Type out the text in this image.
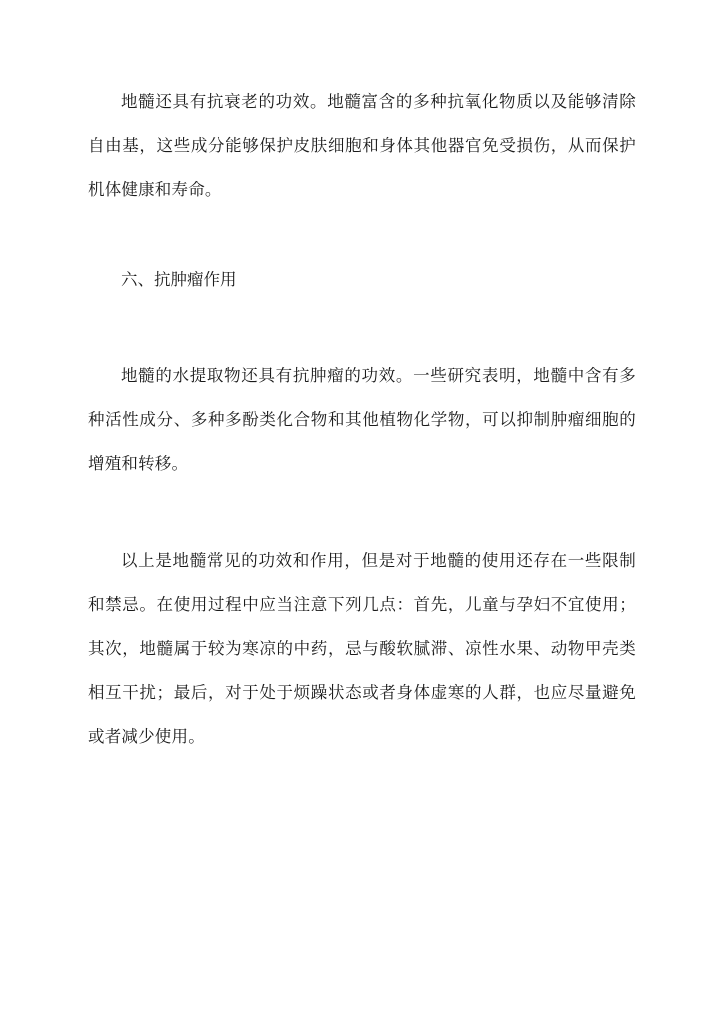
地髓还具有抗衰老的功效。地髓富含的多种抗氧化物质以及能够清除自由基，这些成分能够保护皮肤细胞和身体其他器官免受损伤，从而保护机体健康和寿命。

六、抗肿瘤作用

地髓的水提取物还具有抗肿瘤的功效。一些研究表明，地髓中含有多种活性成分、多种多酚类化合物和其他植物化学物，可以抑制肿瘤细胞的增殖和转移。

以上是地髓常见的功效和作用，但是对于地髓的使用还存在一些限制和禁忌。在使用过程中应当注意下列几点：首先，儿童与孕妇不宜使用；其次，地髓属于较为寒凉的中药，忌与酸软腻滞、凉性水果、动物甲壳类相互干扰；最后，对于处于烦躁状态或者身体虚寒的人群，也应尽量避免或者减少使用。
